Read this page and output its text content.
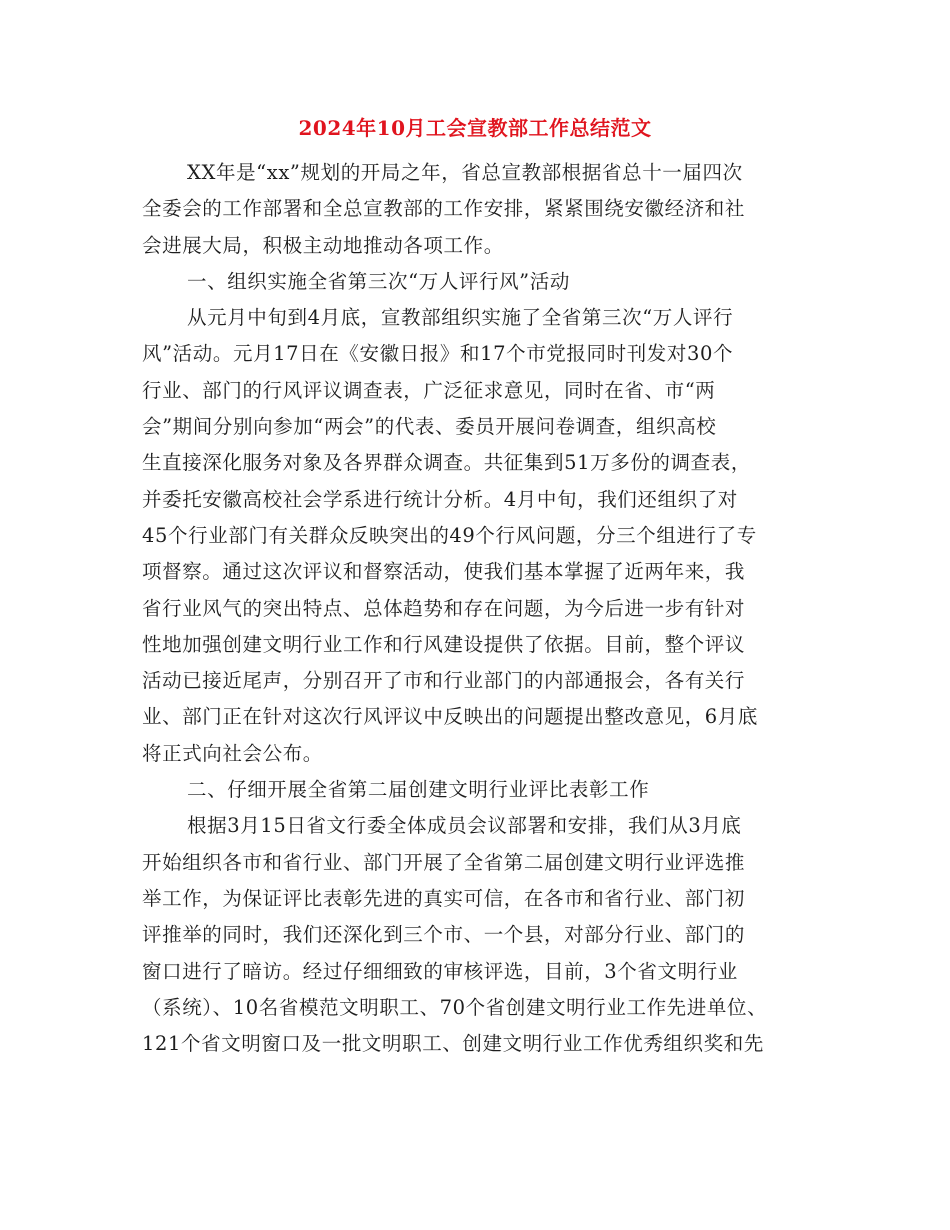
2024年10月工会宣教部工作总结范文
XX年是“xx”规划的开局之年，省总宣教部根据省总十一届四次
全委会的工作部署和全总宣教部的工作安排，紧紧围绕安徽经济和社
会进展大局，积极主动地推动各项工作。
一、组织实施全省第三次“万人评行风”活动
从元月中旬到4月底，宣教部组织实施了全省第三次“万人评行
风”活动。元月17日在《安徽日报》和17个市党报同时刊发对30个
行业、部门的行风评议调查表，广泛征求意见，同时在省、市“两
会”期间分别向参加“两会”的代表、委员开展问卷调查，组织高校
生直接深化服务对象及各界群众调查。共征集到51万多份的调查表，
并委托安徽高校社会学系进行统计分析。4月中旬，我们还组织了对
45个行业部门有关群众反映突出的49个行风问题，分三个组进行了专
项督察。通过这次评议和督察活动，使我们基本掌握了近两年来，我
省行业风气的突出特点、总体趋势和存在问题，为今后进一步有针对
性地加强创建文明行业工作和行风建设提供了依据。目前，整个评议
活动已接近尾声，分别召开了市和行业部门的内部通报会，各有关行
业、部门正在针对这次行风评议中反映出的问题提出整改意见，6月底
将正式向社会公布。
二、仔细开展全省第二届创建文明行业评比表彰工作
根据3月15日省文行委全体成员会议部署和安排，我们从3月底
开始组织各市和省行业、部门开展了全省第二届创建文明行业评选推
举工作，为保证评比表彰先进的真实可信，在各市和省行业、部门初
评推举的同时，我们还深化到三个市、一个县，对部分行业、部门的
窗口进行了暗访。经过仔细细致的审核评选，目前，3个省文明行业
（系统）、10名省模范文明职工、70个省创建文明行业工作先进单位、
121个省文明窗口及一批文明职工、创建文明行业工作优秀组织奖和先
